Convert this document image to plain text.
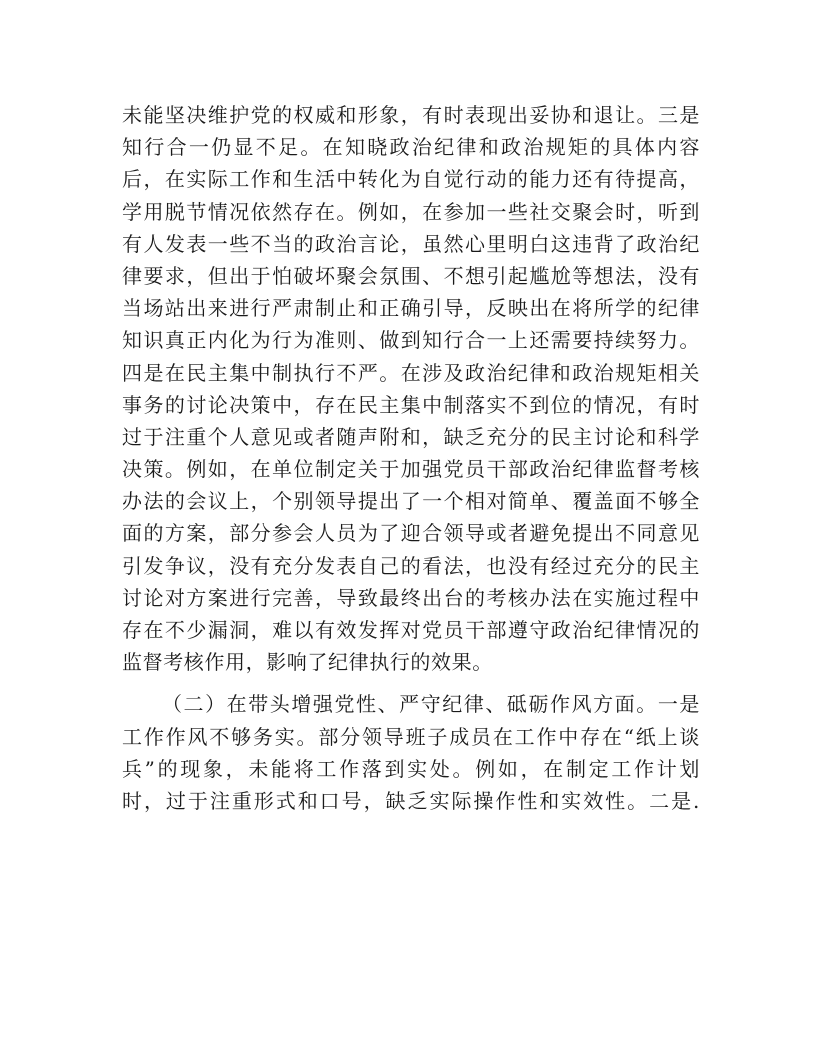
未能坚决维护党的权威和形象，有时表现出妥协和退让。三是
知行合一仍显不足。在知晓政治纪律和政治规矩的具体内容
后，在实际工作和生活中转化为自觉行动的能力还有待提高，
学用脱节情况依然存在。例如，在参加一些社交聚会时，听到
有人发表一些不当的政治言论，虽然心里明白这违背了政治纪
律要求，但出于怕破坏聚会氛围、不想引起尴尬等想法，没有
当场站出来进行严肃制止和正确引导，反映出在将所学的纪律
知识真正内化为行为准则、做到知行合一上还需要持续努力。
四是在民主集中制执行不严。在涉及政治纪律和政治规矩相关
事务的讨论决策中，存在民主集中制落实不到位的情况，有时
过于注重个人意见或者随声附和，缺乏充分的民主讨论和科学
决策。例如，在单位制定关于加强党员干部政治纪律监督考核
办法的会议上，个别领导提出了一个相对简单、覆盖面不够全
面的方案，部分参会人员为了迎合领导或者避免提出不同意见
引发争议，没有充分发表自己的看法，也没有经过充分的民主
讨论对方案进行完善，导致最终出台的考核办法在实施过程中
存在不少漏洞，难以有效发挥对党员干部遵守政治纪律情况的
监督考核作用，影响了纪律执行的效果。
（二）在带头增强党性、严守纪律、砥砺作风方面。一是
工作作风不够务实。部分领导班子成员在工作中存在“纸上谈
兵”的现象，未能将工作落到实处。例如，在制定工作计划
时，过于注重形式和口号，缺乏实际操作性和实效性。二是.
